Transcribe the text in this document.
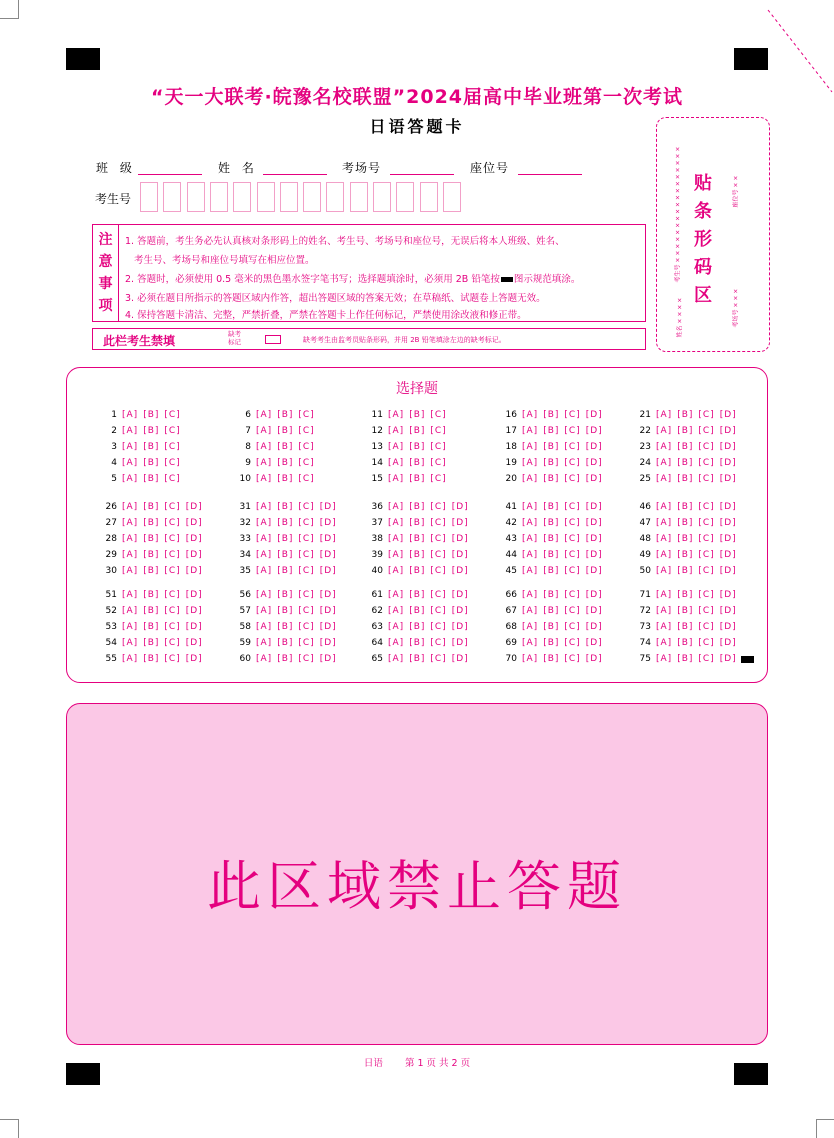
“天一大联考·皖豫名校联盟”2024届高中毕业班第一次考试
日语答题卡
班 级	姓 名	考场号	座位号
考生号
注
意
事
项
1. 答题前，考生务必先认真核对条形码上的姓名、考生号、考场号和座位号，无误后将本人班级、姓名、
考生号、考场号和座位号填写在相应位置。
2. 答题时，必须使用 0.5 毫米的黑色墨水签字笔书写；选择题填涂时，必须用 2B 铅笔按 图示规范填涂。
3. 必须在题目所指示的答题区域内作答，超出答题区域的答案无效；在草稿纸、试题卷上答题无效。
4. 保持答题卡清洁、完整，严禁折叠，严禁在答题卡上作任何标记，严禁使用涂改液和修正带。
此栏考生禁填	缺考
标记	缺考考生由监考员贴条形码，并用 2B 铅笔填涂左边的缺考标记。
贴
条
形
码
区
考生号 × × × × × × × × × × × × × × × × ×
姓名 × × × ×
座位号 × ×
考场号 × × ×
选择题
1 [A] [B] [C]
2 [A] [B] [C]
3 [A] [B] [C]
4 [A] [B] [C]
5 [A] [B] [C]
6 [A] [B] [C]
7 [A] [B] [C]
8 [A] [B] [C]
9 [A] [B] [C]
10 [A] [B] [C]
11 [A] [B] [C]
12 [A] [B] [C]
13 [A] [B] [C]
14 [A] [B] [C]
15 [A] [B] [C]
16 [A] [B] [C] [D]
17 [A] [B] [C] [D]
18 [A] [B] [C] [D]
19 [A] [B] [C] [D]
20 [A] [B] [C] [D]
21 [A] [B] [C] [D]
22 [A] [B] [C] [D]
23 [A] [B] [C] [D]
24 [A] [B] [C] [D]
25 [A] [B] [C] [D]
26 [A] [B] [C] [D]
27 [A] [B] [C] [D]
28 [A] [B] [C] [D]
29 [A] [B] [C] [D]
30 [A] [B] [C] [D]
31 [A] [B] [C] [D]
32 [A] [B] [C] [D]
33 [A] [B] [C] [D]
34 [A] [B] [C] [D]
35 [A] [B] [C] [D]
36 [A] [B] [C] [D]
37 [A] [B] [C] [D]
38 [A] [B] [C] [D]
39 [A] [B] [C] [D]
40 [A] [B] [C] [D]
41 [A] [B] [C] [D]
42 [A] [B] [C] [D]
43 [A] [B] [C] [D]
44 [A] [B] [C] [D]
45 [A] [B] [C] [D]
46 [A] [B] [C] [D]
47 [A] [B] [C] [D]
48 [A] [B] [C] [D]
49 [A] [B] [C] [D]
50 [A] [B] [C] [D]
51 [A] [B] [C] [D]
52 [A] [B] [C] [D]
53 [A] [B] [C] [D]
54 [A] [B] [C] [D]
55 [A] [B] [C] [D]
56 [A] [B] [C] [D]
57 [A] [B] [C] [D]
58 [A] [B] [C] [D]
59 [A] [B] [C] [D]
60 [A] [B] [C] [D]
61 [A] [B] [C] [D]
62 [A] [B] [C] [D]
63 [A] [B] [C] [D]
64 [A] [B] [C] [D]
65 [A] [B] [C] [D]
66 [A] [B] [C] [D]
67 [A] [B] [C] [D]
68 [A] [B] [C] [D]
69 [A] [B] [C] [D]
70 [A] [B] [C] [D]
71 [A] [B] [C] [D]
72 [A] [B] [C] [D]
73 [A] [B] [C] [D]
74 [A] [B] [C] [D]
75 [A] [B] [C] [D]
此区域禁止答题
日语 第 1 页 共 2 页
